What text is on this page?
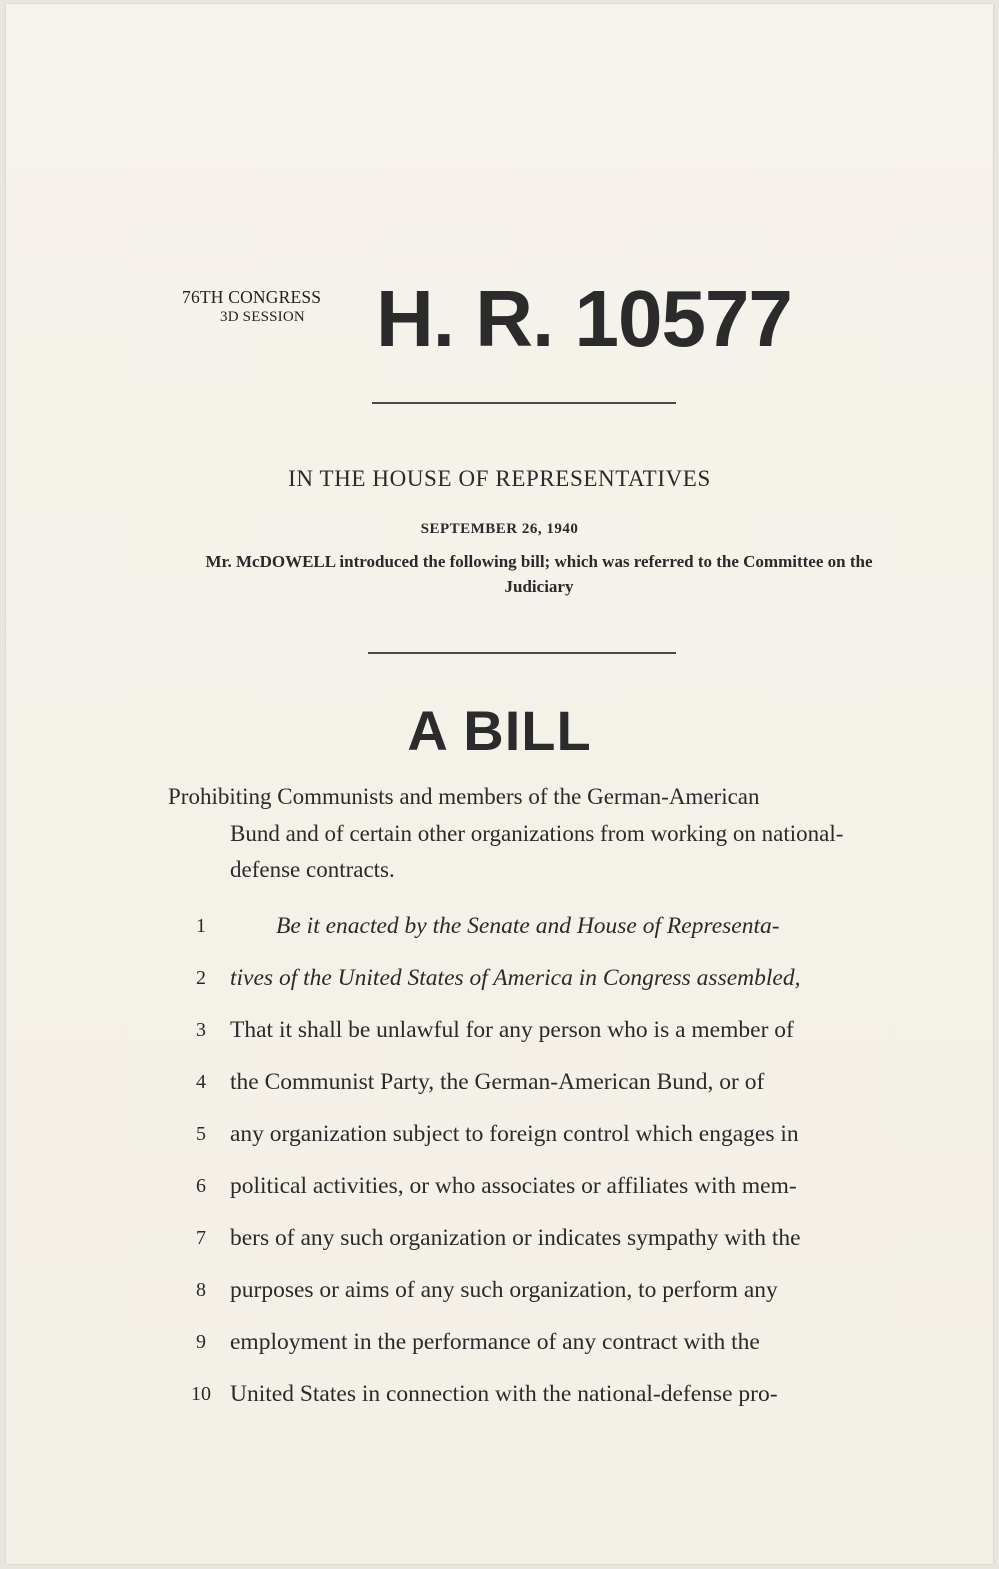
76TH CONGRESS
3D SESSION H. R. 10577
IN THE HOUSE OF REPRESENTATIVES
SEPTEMBER 26, 1940
Mr. McDOWELL introduced the following bill; which was referred to the Committee on the Judiciary
A BILL
Prohibiting Communists and members of the German-American
Bund and of certain other organizations from working on national-defense contracts.
1	Be it enacted by the Senate and House of Representa-
2	tives of the United States of America in Congress assembled,
3	That it shall be unlawful for any person who is a member of
4	the Communist Party, the German-American Bund, or of
5	any organization subject to foreign control which engages in
6	political activities, or who associates or affiliates with mem-
7	bers of any such organization or indicates sympathy with the
8	purposes or aims of any such organization, to perform any
9	employment in the performance of any contract with the
10 United States in connection with the national-defense pro-
